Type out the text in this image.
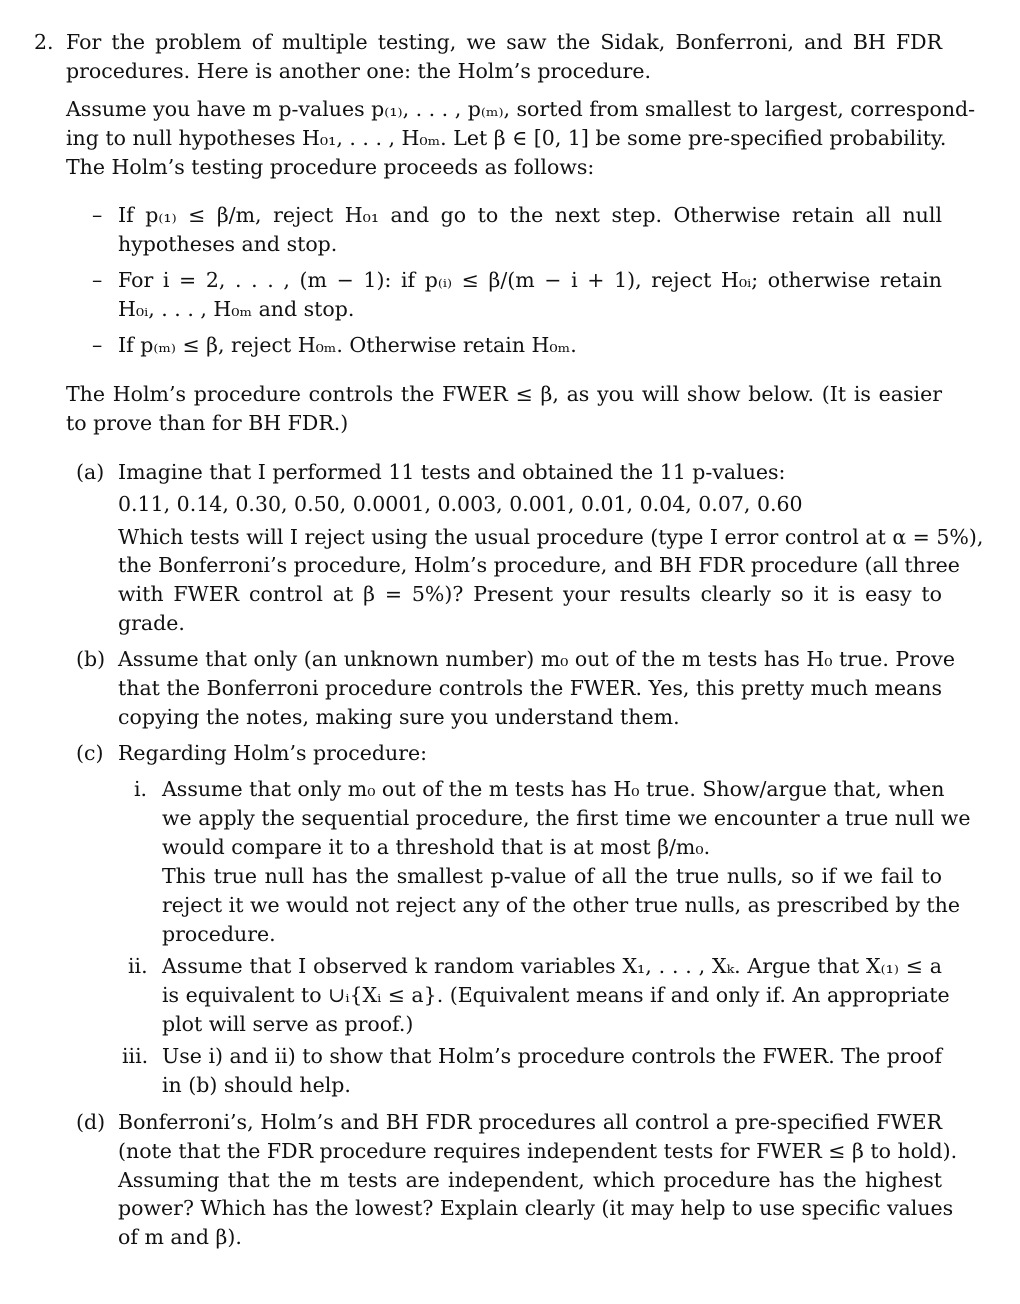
2. For the problem of multiple testing, we saw the Sidak, Bonferroni, and BH FDR

procedures. Here is another one: the Holm’s procedure.

Assume you have m p-values p₍₁₎, . . . , p₍ₘ₎, sorted from smallest to largest, correspond-

ing to null hypotheses H₀₁, . . . , H₀ₘ. Let β ∈ [0, 1] be some pre-specified probability.

The Holm’s testing procedure proceeds as follows:

– If p₍₁₎ ≤ β/m, reject H₀₁ and go to the next step. Otherwise retain all null

hypotheses and stop.

– For i = 2, . . . , (m − 1): if p₍ᵢ₎ ≤ β/(m − i + 1), reject H₀ᵢ; otherwise retain

H₀ᵢ, . . . , H₀ₘ and stop.

– If p₍ₘ₎ ≤ β, reject H₀ₘ. Otherwise retain H₀ₘ.

The Holm’s procedure controls the FWER ≤ β, as you will show below. (It is easier

to prove than for BH FDR.)

(a) Imagine that I performed 11 tests and obtained the 11 p-values:

0.11, 0.14, 0.30, 0.50, 0.0001, 0.003, 0.001, 0.01, 0.04, 0.07, 0.60

Which tests will I reject using the usual procedure (type I error control at α = 5%),

the Bonferroni’s procedure, Holm’s procedure, and BH FDR procedure (all three

with FWER control at β = 5%)? Present your results clearly so it is easy to

grade.

(b) Assume that only (an unknown number) m₀ out of the m tests has H₀ true. Prove

that the Bonferroni procedure controls the FWER. Yes, this pretty much means

copying the notes, making sure you understand them.

(c) Regarding Holm’s procedure:

i. Assume that only m₀ out of the m tests has H₀ true. Show/argue that, when

we apply the sequential procedure, the first time we encounter a true null we

would compare it to a threshold that is at most β/m₀.

This true null has the smallest p-value of all the true nulls, so if we fail to

reject it we would not reject any of the other true nulls, as prescribed by the

procedure.

ii. Assume that I observed k random variables X₁, . . . , Xₖ. Argue that X₍₁₎ ≤ a

is equivalent to ∪ᵢ{Xᵢ ≤ a}. (Equivalent means if and only if. An appropriate

plot will serve as proof.)

iii. Use i) and ii) to show that Holm’s procedure controls the FWER. The proof

in (b) should help.

(d) Bonferroni’s, Holm’s and BH FDR procedures all control a pre-specified FWER

(note that the FDR procedure requires independent tests for FWER ≤ β to hold).

Assuming that the m tests are independent, which procedure has the highest

power? Which has the lowest? Explain clearly (it may help to use specific values

of m and β).
